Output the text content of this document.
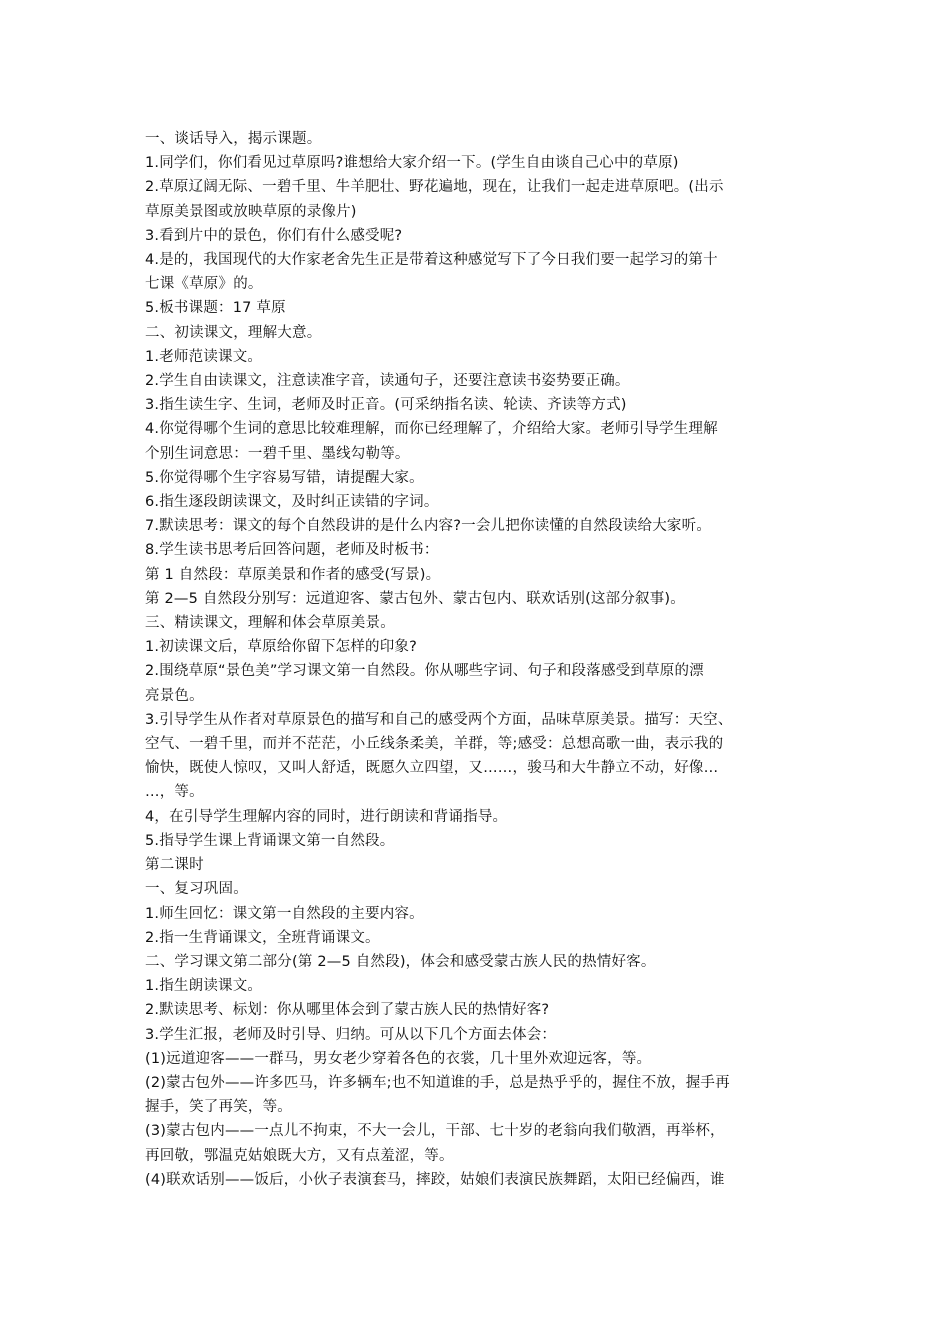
一、谈话导入，揭示课题。
1.同学们，你们看见过草原吗?谁想给大家介绍一下。(学生自由谈自己心中的草原)
2.草原辽阔无际、一碧千里、牛羊肥壮、野花遍地，现在，让我们一起走进草原吧。(出示
草原美景图或放映草原的录像片)
3.看到片中的景色，你们有什么感受呢?
4.是的，我国现代的大作家老舍先生正是带着这种感觉写下了今日我们要一起学习的第十
七课《草原》的。
5.板书课题：17 草原
二、初读课文，理解大意。
1.老师范读课文。
2.学生自由读课文，注意读准字音，读通句子，还要注意读书姿势要正确。
3.指生读生字、生词，老师及时正音。(可采纳指名读、轮读、齐读等方式)
4.你觉得哪个生词的意思比较难理解，而你已经理解了，介绍给大家。老师引导学生理解
个别生词意思：一碧千里、墨线勾勒等。
5.你觉得哪个生字容易写错，请提醒大家。
6.指生逐段朗读课文，及时纠正读错的字词。
7.默读思考：课文的每个自然段讲的是什么内容?一会儿把你读懂的自然段读给大家听。
8.学生读书思考后回答问题，老师及时板书：
第 1 自然段：草原美景和作者的感受(写景)。
第 2—5 自然段分别写：远道迎客、蒙古包外、蒙古包内、联欢话别(这部分叙事)。
三、精读课文，理解和体会草原美景。
1.初读课文后，草原给你留下怎样的印象?
2.围绕草原“景色美”学习课文第一自然段。你从哪些字词、句子和段落感受到草原的漂
亮景色。
3.引导学生从作者对草原景色的描写和自己的感受两个方面，品味草原美景。描写：天空、
空气、一碧千里，而并不茫茫，小丘线条柔美，羊群，等;感受：总想高歌一曲，表示我的
愉快，既使人惊叹，又叫人舒适，既愿久立四望，又……，骏马和大牛静立不动，好像…
…，等。
4，在引导学生理解内容的同时，进行朗读和背诵指导。
5.指导学生课上背诵课文第一自然段。
第二课时
一、复习巩固。
1.师生回忆：课文第一自然段的主要内容。
2.指一生背诵课文，全班背诵课文。
二、学习课文第二部分(第 2—5 自然段)，体会和感受蒙古族人民的热情好客。
1.指生朗读课文。
2.默读思考、标划：你从哪里体会到了蒙古族人民的热情好客?
3.学生汇报，老师及时引导、归纳。可从以下几个方面去体会：
(1)远道迎客——一群马，男女老少穿着各色的衣裳，几十里外欢迎远客，等。
(2)蒙古包外——许多匹马，许多辆车;也不知道谁的手，总是热乎乎的，握住不放，握手再
握手，笑了再笑，等。
(3)蒙古包内——一点儿不拘束，不大一会儿，干部、七十岁的老翁向我们敬酒，再举杯，
再回敬，鄂温克姑娘既大方，又有点羞涩，等。
(4)联欢话别——饭后，小伙子表演套马，摔跤，姑娘们表演民族舞蹈，太阳已经偏西，谁
